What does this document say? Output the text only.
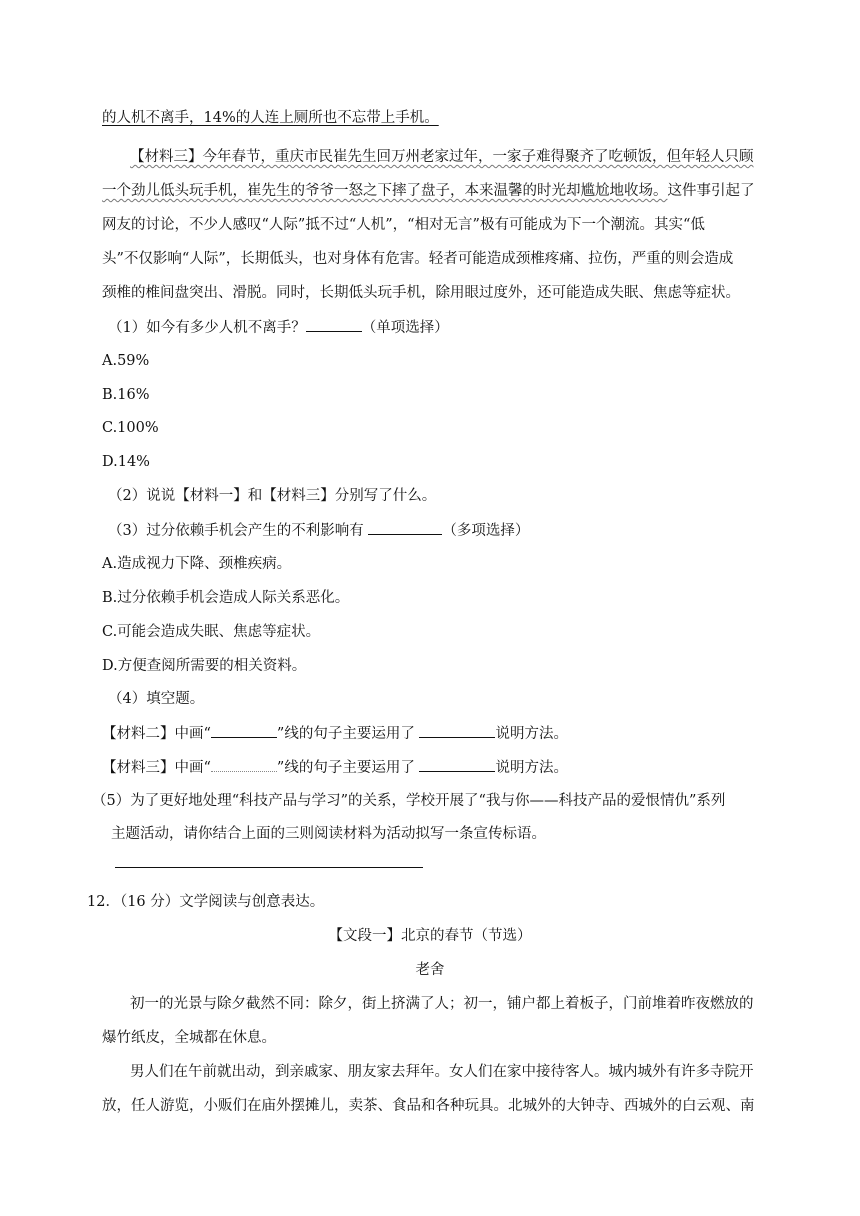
的人机不离手，14%的人连上厕所也不忘带上手机。
【材料三】今年春节，重庆市民崔先生回万州老家过年，一家子难得聚齐了吃顿饭，但年轻人只顾
一个劲儿低头玩手机，崔先生的爷爷一怒之下摔了盘子，本来温馨的时光却尴尬地收场。这件事引起了
网友的讨论，不少人感叹“人际”抵不过“人机”，“相对无言”极有可能成为下一个潮流。其实“低
头”不仅影响“人际”，长期低头，也对身体有危害。轻者可能造成颈椎疼痛、拉伤，严重的则会造成
颈椎的椎间盘突出、滑脱。同时，长期低头玩手机，除用眼过度外，还可能造成失眠、焦虑等症状。
（1）如今有多少人机不离手？	（单项选择）
A.59%
B.16%
C.100%
D.14%
（2）说说【材料一】和【材料三】分别写了什么。
（3）过分依赖手机会产生的不利影响有	（多项选择）
A.造成视力下降、颈椎疾病。
B.过分依赖手机会造成人际关系恶化。
C.可能会造成失眠、焦虑等症状。
D.方便查阅所需要的相关资料。
（4）填空题。
【材料二】中画“	”线的句子主要运用了	说明方法。
【材料三】中画“	”线的句子主要运用了	说明方法。
（5）为了更好地处理“科技产品与学习”的关系，学校开展了“我与你——科技产品的爱恨情仇”系列
主题活动，请你结合上面的三则阅读材料为活动拟写一条宣传标语。
12．（16 分）文学阅读与创意表达。
【文段一】北京的春节（节选）
老舍
初一的光景与除夕截然不同：除夕，街上挤满了人；初一，铺户都上着板子，门前堆着昨夜燃放的
爆竹纸皮，全城都在休息。
男人们在午前就出动，到亲戚家、朋友家去拜年。女人们在家中接待客人。城内城外有许多寺院开
放，任人游览，小贩们在庙外摆摊儿，卖茶、食品和各种玩具。北城外的大钟寺、西城外的白云观、南
